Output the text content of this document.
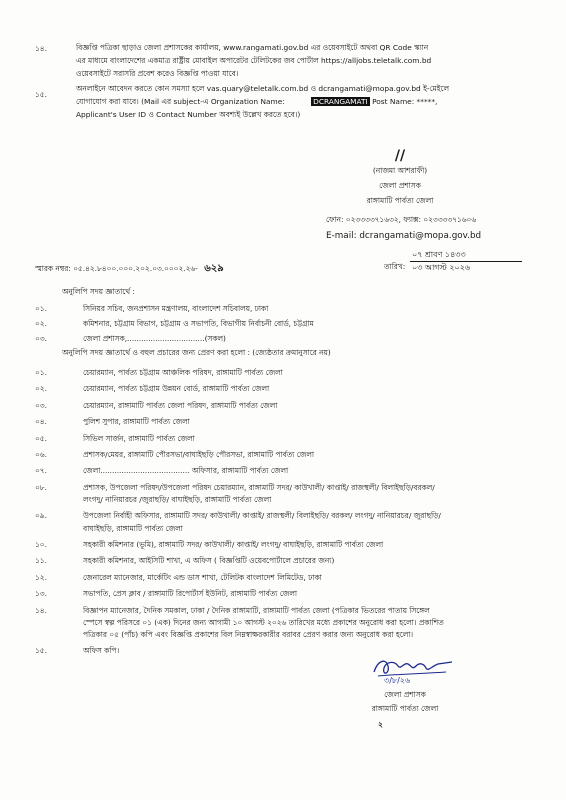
১৪.	বিজ্ঞপ্তি পত্রিকা ছাড়াও জেলা প্রশাসকের কার্যালয়, www.rangamati.gov.bd এর ওয়েবসাইটে অথবা QR Code স্ক্যান
এর মাধ্যমে বাংলাদেশের একমাত্র রাষ্ট্রীয় মোবাইল অপারেটর টেলিটকের জব পোর্টাল https://alljobs.teletalk.com.bd
ওয়েবসাইটে সরাসরি প্রবেশ করেও বিজ্ঞপ্তি পাওয়া যাবে।
১৫.
অনলাইনে আবেদন করতে কোন সমস্যা হলে vas.quary@teletalk.com.bd ও dcrangamati@mopa.gov.bd ই-মেইলে
যোগাযোগ করা যাবে। (Mail এর subject-এ Organization Name:	DCRANGAMATI Post Name: *****,
Applicant's User ID ও Contact Number অবশ্যই উল্লেখ করতে হবে।)
//
(নাজমা আশরাফী)
জেলা প্রশাসক
রাঙ্গামাটি পার্বত্য জেলা
ফোন: ০২৩৩৩৩৭১৬৩২, ফ্যাক্স: ০২৩৩৩৩৭১৬০৬
E-mail: dcrangamati@mopa.gov.bd
স্মারক নম্বর: ০৫.৪২.৮৪০০.০০০.২০২.০৩.০০০২.২৬- ৬২৯	তারিখ:
০৭ শ্রাবণ ১৪৩৩
০৩ আগস্ট ২০২৬
অনুলিপি সদয় জ্ঞাতার্থে :
০১.	সিনিয়র সচিব, জনপ্রশাসন মন্ত্রণালয়, বাংলাদেশ সচিবালয়, ঢাকা
০২.	কমিশনার, চট্টগ্রাম বিভাগ, চট্টগ্রাম ও সভাপতি, বিভাগীয় নির্বাচনী বোর্ড, চট্টগ্রাম
০৩.	জেলা প্রশাসক,.................................(সকল)
অনুলিপি সদয় জ্ঞাতার্থে ও বহুল প্রচারের জন্য প্রেরণ করা হলো : (জ্যেষ্ঠতার ক্রমানুসারে নয়)
০১.	চেয়ারম্যান, পার্বত্য চট্টগ্রাম আঞ্চলিক পরিষদ, রাঙ্গামাটি পার্বত্য জেলা
০২.	চেয়ারম্যান, পার্বত্য চট্টগ্রাম উন্নয়ন বোর্ড, রাঙ্গামাটি পার্বত্য জেলা
০৩.	চেয়ারম্যান, রাঙ্গামাটি পার্বত্য জেলা পরিষদ, রাঙ্গামাটি পার্বত্য জেলা
০৪.	পুলিশ সুপার, রাঙ্গামাটি পার্বত্য জেলা
০৫.	সিভিল সার্জন, রাঙ্গামাটি পার্বত্য জেলা
০৬.	প্রশাসক/মেয়র, রাঙ্গামাটি পৌরসভা/বাঘাইছড়ি পৌরসভা, রাঙ্গামাটি পার্বত্য জেলা
০৭.	জেলা...................................... অফিসার, রাঙ্গামাটি পার্বত্য জেলা
০৮.	প্রশাসক, উপজেলা পরিষদ/উপজেলা পরিষদ চেয়ারম্যান, রাঙ্গামাটি সদর/ কাউখালী/ কাপ্তাই/ রাজস্থলী/ বিলাইছড়ি/বরকল/
লংগদু/ নানিয়ারচর /জুরাছড়ি/ বাঘাইছড়ি, রাঙ্গামাটি পার্বত্য জেলা
০৯.	উপজেলা নির্বাহী অফিসার, রাঙ্গামাটি সদর/ কাউখালী/ কাপ্তাই/ রাজস্থলী/ বিলাইছড়ি/ বরকল/ লংগদু/ নানিয়ারচর/ জুরাছড়ি/
বাঘাইছড়ি, রাঙ্গামাটি পার্বত্য জেলা
১০.	সহকারী কমিশনার (ভূমি), রাঙ্গামাটি সদর/ কাউখালী/ কাপ্তাই/ লংগদু/ বাঘাইছড়ি, রাঙ্গামাটি পার্বত্য জেলা
১১.	সহকারী কমিশনার, আইসিটি শাখা, এ অফিস ( বিজ্ঞপ্তিটি ওয়েবপোর্টালে প্রচারের জন্য)
১২.	জেনারেল ম্যানেজার, মার্কেটিং এন্ড ডাস শাখা, টেলিটক বাংলাদেশ লিমিটেড, ঢাকা
১৩.	সভাপতি, প্রেস ক্লাব / রাঙ্গামাটি রিপোর্টার্স ইউনিট, রাঙ্গামাটি পার্বত্য জেলা
১৪.	বিজ্ঞাপন ম্যানেজার, দৈনিক সমকাল, ঢাকা / দৈনিক রাঙ্গামাটি, রাঙ্গামাটি পার্বত্য জেলা (পত্রিকার ভিতরের পাতায় সিঙ্গেল
স্পেসে স্বল্প পরিসরে ০১ (এক) দিনের জন্য আগামী ১০ আগস্ট ২০২৬ তারিখের মধ্যে প্রকাশের অনুরোধ করা হলো। প্রকাশিত
পত্রিকার ০৫ (পাঁচ) কপি এবং বিজ্ঞপ্তি প্রকাশের বিল নিম্নস্বাক্ষরকারীর বরাবর প্রেরণ করার জন্য অনুরোধ করা হলো।
১৫.	অফিস কপি।
৩/৮/২৬
জেলা প্রশাসক
রাঙ্গামাটি পার্বত্য জেলা
২
